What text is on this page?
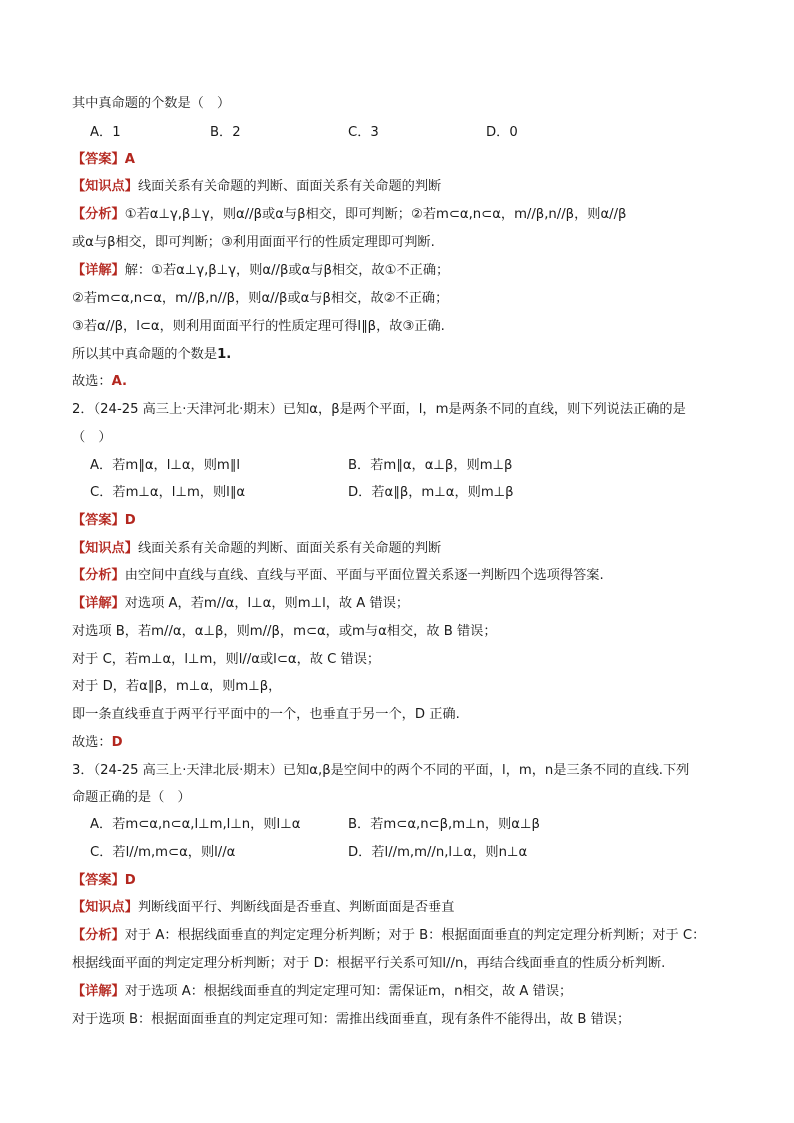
其中真命题的个数是（　）
A．1	B．2	C．3	D．0
【答案】A
【知识点】线面关系有关命题的判断、面面关系有关命题的判断
【分析】①若α⊥γ,β⊥γ，则α//β或α与β相交，即可判断；②若m⊂α,n⊂α，m//β,n//β，则α//β
或α与β相交，即可判断；③利用面面平行的性质定理即可判断.
【详解】解：①若α⊥γ,β⊥γ，则α//β或α与β相交，故①不正确；
②若m⊂α,n⊂α，m//β,n//β，则α//β或α与β相交，故②不正确；
③若α//β，l⊂α，则利用面面平行的性质定理可得l∥β，故③正确.
所以其中真命题的个数是1.
故选：A.
2．（24-25 高三上·天津河北·期末）已知α，β是两个平面，l，m是两条不同的直线，则下列说法正确的是
（　）
A．若m∥α，l⊥α，则m∥l	B．若m∥α，α⊥β，则m⊥β
C．若m⊥α，l⊥m，则l∥α	D．若α∥β，m⊥α，则m⊥β
【答案】D
【知识点】线面关系有关命题的判断、面面关系有关命题的判断
【分析】由空间中直线与直线、直线与平面、平面与平面位置关系逐一判断四个选项得答案.
【详解】对选项 A，若m//α，l⊥α，则m⊥l，故 A 错误；
对选项 B，若m//α，α⊥β，则m//β，m⊂α，或m与α相交，故 B 错误；
对于 C，若m⊥α，l⊥m，则l//α或l⊂α，故 C 错误；
对于 D，若α∥β，m⊥α，则m⊥β，
即一条直线垂直于两平行平面中的一个，也垂直于另一个，D 正确.
故选：D
3．（24-25 高三上·天津北辰·期末）已知α,β是空间中的两个不同的平面，l，m，n是三条不同的直线.下列
命题正确的是（　）
A．若m⊂α,n⊂α,l⊥m,l⊥n，则l⊥α	B．若m⊂α,n⊂β,m⊥n，则α⊥β
C．若l//m,m⊂α，则l//α	D．若l//m,m//n,l⊥α，则n⊥α
【答案】D
【知识点】判断线面平行、判断线面是否垂直、判断面面是否垂直
【分析】对于 A：根据线面垂直的判定定理分析判断；对于 B：根据面面垂直的判定定理分析判断；对于 C：
根据线面平面的判定定理分析判断；对于 D：根据平行关系可知l//n，再结合线面垂直的性质分析判断.
【详解】对于选项 A：根据线面垂直的判定定理可知：需保证m，n相交，故 A 错误；
对于选项 B：根据面面垂直的判定定理可知：需推出线面垂直，现有条件不能得出，故 B 错误；
